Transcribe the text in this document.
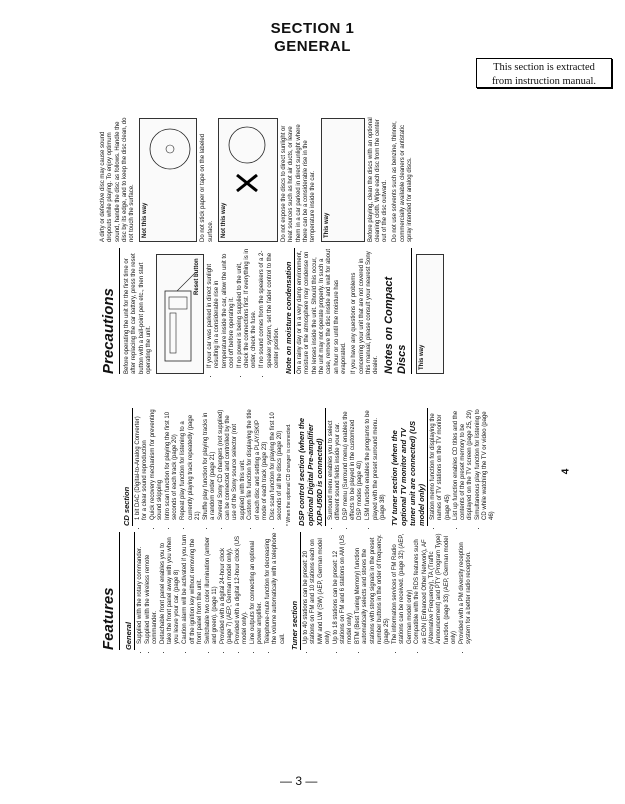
SECTION 1
GENERAL
This section is extracted
from instruction manual.
Features General • Supplied with the rotary commander. • Supplied with the wireless remote commander. • Detachable front panel enables you to take the front panel away with you when you leave your car. (page 8) • Caution alarm will be activated if you turn off the ignition key without removing the front panel from the unit. • Switchable two color illumination (amber and green). (page 11) • Provided with a digital 24-hour clock (page 7) (AEP, German model only). • Provided with a digital 12-hour clock (US model only). • Line outputs for connecting an optional power amplifier. • Telephone-mute function for decreasing the volume automatically with a telephone call. Tuner section • Up to 40 stations can be preset: 20 stations on FM and 10 stations each on MW and LW (SW) (AEP, German model only) • Up to 18 stations can be preset: 12 stations on FM and 6 stations on AM (US model only) • BTM (Best Tuning Memory) function automatically selects and stores the stations with strong signals in the preset number buttons in the order of frequency. (page 25) • The information services of FM Radio stations can be received. (page 32) (AEP, German model only) • Compatible with the RDS features such as EON (Enhanced Other Network), AF (Alternative Frequency), TA (Traffic Announcement) and PTY (Program Type) function. (page 33) (AEP, German model only) • Provided with a PM diversity reception system for a better radio reception.
CD section • 1 bit DAC (Digital-to-Analog Converter) for a clear sound reproduction • Quick recovery mechanism for preventing sound skipping • Intro scan function for playing the first 10 seconds of each track (page 20) • Repeat play function for listening to a currently playing track repeatedly (page 21) • Shuffle play function for playing tracks in a random order (page 21) • Several Sony CD changers (not supplied) can be connected and controlled by the use of the Sony source selector (not supplied) with this unit. • Custom file function for displaying the title of each disc and setting a PLAY/SKIP mode of each track (page 23) • Disc scan function for playing the first 10 seconds of all the discs (page 20) * When the optional CD changer is connected. DSP control section (when the optional Digital Pre-amplifier XDP-U50D is connected) • Surround menu enables you to select different sound fields inside your car. • DSP menu (Surround menu) enables the effects to be played in the customized DSP modes (page 40) • LSM function enables the programs to be played with the preset surround menu. (page 38) TV tuner section (when the optional TV monitor and TV tuner unit are connected) (US model only) • Station memo function for displaying the names of TV stations on the TV monitor (page 45) • List up function enables CD titles and the contents of the preset memory to be displayed on the TV screen (page 25, 29) • Simultaneous play function for listening to CD while watching the TV or video (page 46)
Precautions Before operating the unit for the first time or after replacing the car battery, press the reset button with a ball-point pen etc., then start operating the unit.
Reset button • If your car was parked in direct sunlight resulting in a considerable rise in temperature inside the car, allow the unit to cool off before operating it. • If no power is being supplied to the unit, check the connections first. If everything is in order, check the fuse. • If no sound comes from the speakers of a 2-speaker system, set the fader control to the center position. Note on moisture condensation On a rainy day or in a very damp environment, moisture or the atmosphere may condense on the lenses inside the unit. Should this occur, the unit may not operate properly. In such a case, remove the disc inside and wait for about an hour or so until the moisture has evaporated. If you have any questions or problems concerning your unit that are not covered in this manual, please consult your nearest Sony dealer. Notes on Compact Discs This way
A dirty or defective disc may cause sound dropouts while playing. To enjoy optimum sound, handle the disc as follows. Handle the disc by its edge, and to keep the disc clean, do not touch the surface. Not this way	Do not stick paper or tape on the labeled surface. Not this way	Do not expose the discs to direct sunlight or heat sources such as hot air ducts, or leave them in a car parked in direct sunlight where there can be a considerable rise in the temperature inside the car. This way	Before playing, clean the discs with an optional cleaning cloth. Wipe each disc from the center out of the disc outward. Do not use solvents such as benzine, thinner, commercially available cleaners or antistatic spray intended for analog discs.
— 3 —
4
